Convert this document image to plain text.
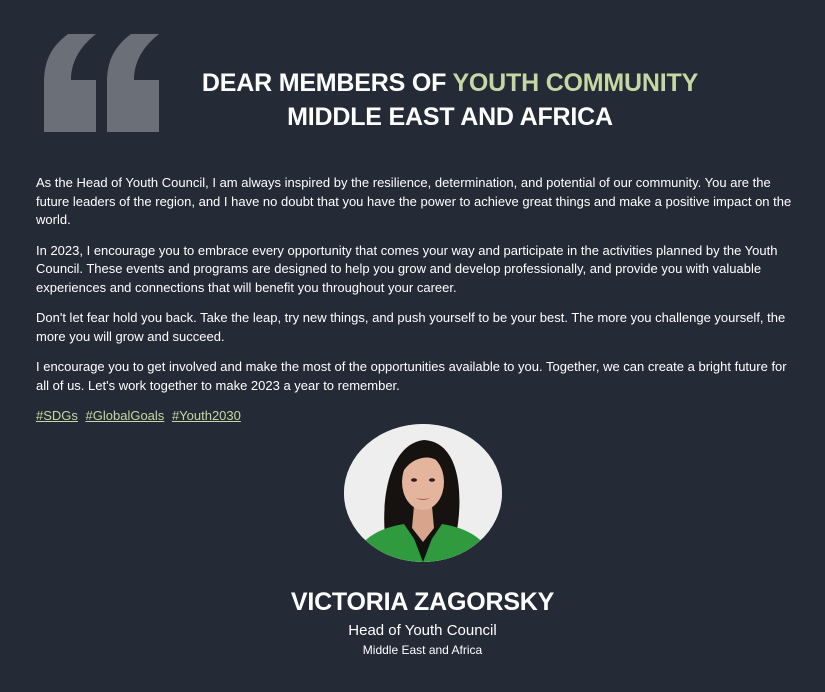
DEAR MEMBERS OF YOUTH COMMUNITY
MIDDLE EAST AND AFRICA

As the Head of Youth Council, I am always inspired by the resilience, determination, and potential of our community. You are the future leaders of the region, and I have no doubt that you have the power to achieve great things and make a positive impact on the world.

In 2023, I encourage you to embrace every opportunity that comes your way and participate in the activities planned by the Youth Council. These events and programs are designed to help you grow and develop professionally, and provide you with valuable experiences and connections that will benefit you throughout your career.

Don't let fear hold you back. Take the leap, try new things, and push yourself to be your best. The more you challenge yourself, the more you will grow and succeed.

I encourage you to get involved and make the most of the opportunities available to you. Together, we can create a bright future for all of us. Let's work together to make 2023 a year to remember.

#SDGs #GlobalGoals #Youth2030
VICTORIA ZAGORSKY
Head of Youth Council
Middle East and Africa
